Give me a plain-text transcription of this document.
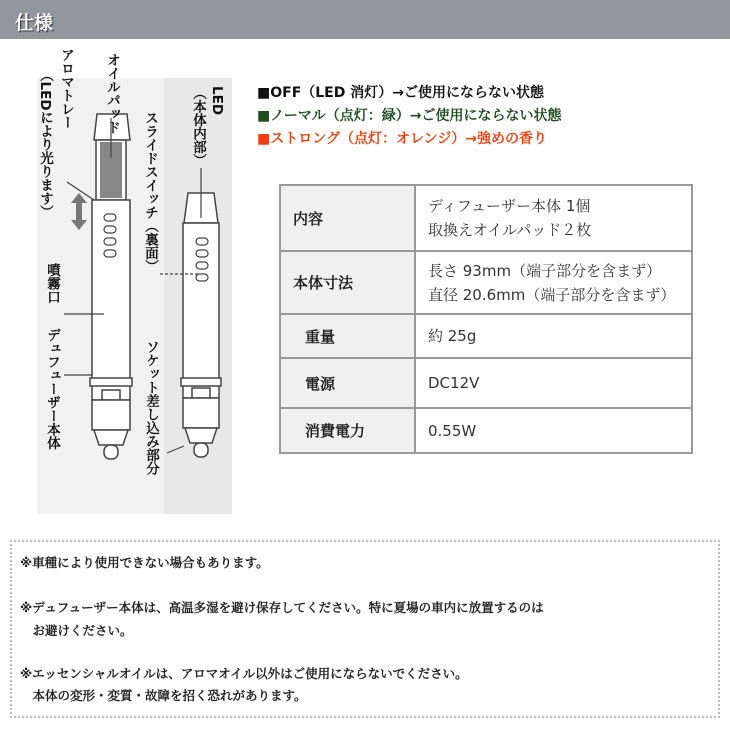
仕様
アロマトレー
（LEDにより光ります）	オイルパッド
噴霧口
デュフューザー本体
スライドスイッチ（裏面）
LED
（本体内部）
ソケット差し込み部分
■OFF（LED 消灯）→ご使用にならない状態
■ノーマル（点灯：緑）→ご使用にならない状態
■ストロング（点灯：オレンジ）→強めの香り
内容	ディフューザー本体 1個
取換えオイルパッド２枚

本体寸法	長さ 93mm（端子部分を含まず）
直径 20.6mm（端子部分を含まず）

重量	約 25g
電源	DC12V
消費電力	0.55W

※車種により使用できない場合もあります。

※デュフューザー本体は、高温多湿を避け保存してください。特に夏場の車内に放置するのは

　お避けください。

※エッセンシャルオイルは、アロマオイル以外はご使用にならないでください。

　本体の変形・変質・故障を招く恐れがあります。
